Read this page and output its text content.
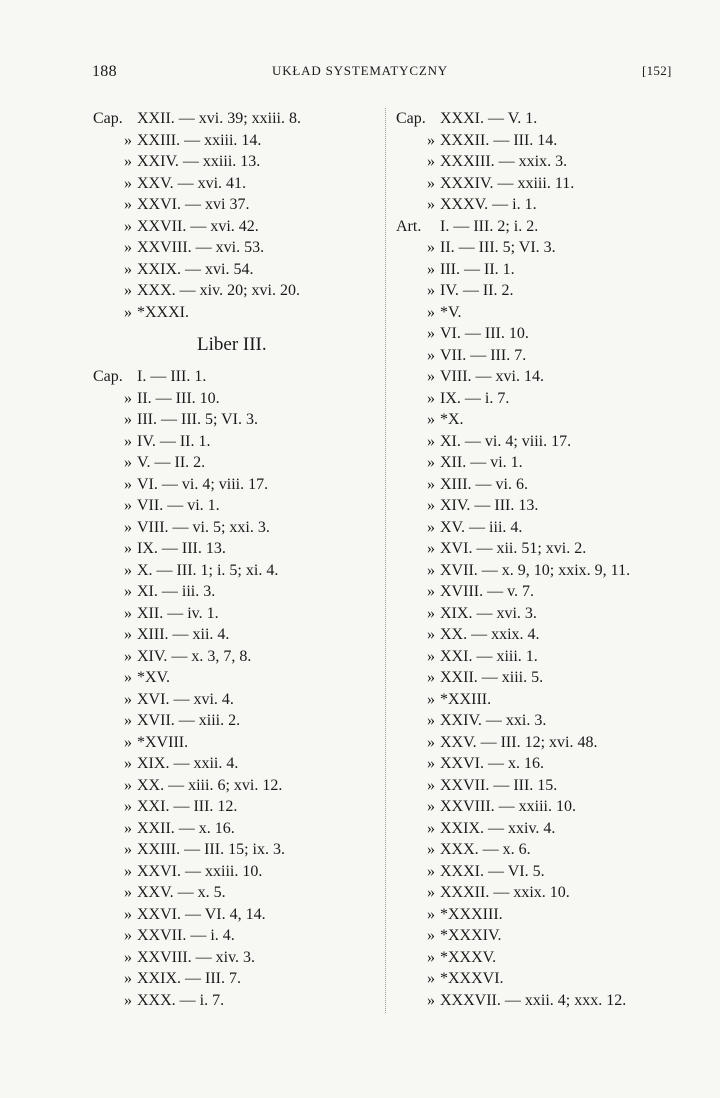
188	UKŁAD SYSTEMATYCZNY	[152]
Cap. XXII. — xvi. 39; xxiii. 8.
» XXIII. — xxiii. 14.
» XXIV. — xxiii. 13.
» XXV. — xvi. 41.
» XXVI. — xvi 37.
» XXVII. — xvi. 42.
» XXVIII. — xvi. 53.
» XXIX. — xvi. 54.
» XXX. — xiv. 20; xvi. 20.
» *XXXI.
Liber III.
Cap. I. — III. 1.
» II. — III. 10.
» III. — III. 5; VI. 3.
» IV. — II. 1.
» V. — II. 2.
» VI. — vi. 4; viii. 17.
» VII. — vi. 1.
» VIII. — vi. 5; xxi. 3.
» IX. — III. 13.
» X. — III. 1; i. 5; xi. 4.
» XI. — iii. 3.
» XII. — iv. 1.
» XIII. — xii. 4.
» XIV. — x. 3, 7, 8.
» *XV.
» XVI. — xvi. 4.
» XVII. — xiii. 2.
» *XVIII.
» XIX. — xxii. 4.
» XX. — xiii. 6; xvi. 12.
» XXI. — III. 12.
» XXII. — x. 16.
» XXIII. — III. 15; ix. 3.
» XXVI. — xxiii. 10.
» XXV. — x. 5.
» XXVI. — VI. 4, 14.
» XXVII. — i. 4.
» XXVIII. — xiv. 3.
» XXIX. — III. 7.
» XXX. — i. 7.
Cap. XXXI. — V. 1.
» XXXII. — III. 14.
» XXXIII. — xxix. 3.
» XXXIV. — xxiii. 11.
» XXXV. — i. 1.
Art. I. — III. 2; i. 2.
» II. — III. 5; VI. 3.
» III. — II. 1.
» IV. — II. 2.
» *V.
» VI. — III. 10.
» VII. — III. 7.
» VIII. — xvi. 14.
» IX. — i. 7.
» *X.
» XI. — vi. 4; viii. 17.
» XII. — vi. 1.
» XIII. — vi. 6.
» XIV. — III. 13.
» XV. — iii. 4.
» XVI. — xii. 51; xvi. 2.
» XVII. — x. 9, 10; xxix. 9, 11.
» XVIII. — v. 7.
» XIX. — xvi. 3.
» XX. — xxix. 4.
» XXI. — xiii. 1.
» XXII. — xiii. 5.
» *XXIII.
» XXIV. — xxi. 3.
» XXV. — III. 12; xvi. 48.
» XXVI. — x. 16.
» XXVII. — III. 15.
» XXVIII. — xxiii. 10.
» XXIX. — xxiv. 4.
» XXX. — x. 6.
» XXXI. — VI. 5.
» XXXII. — xxix. 10.
» *XXXIII.
» *XXXIV.
» *XXXV.
» *XXXVI.
» XXXVII. — xxii. 4; xxx. 12.
